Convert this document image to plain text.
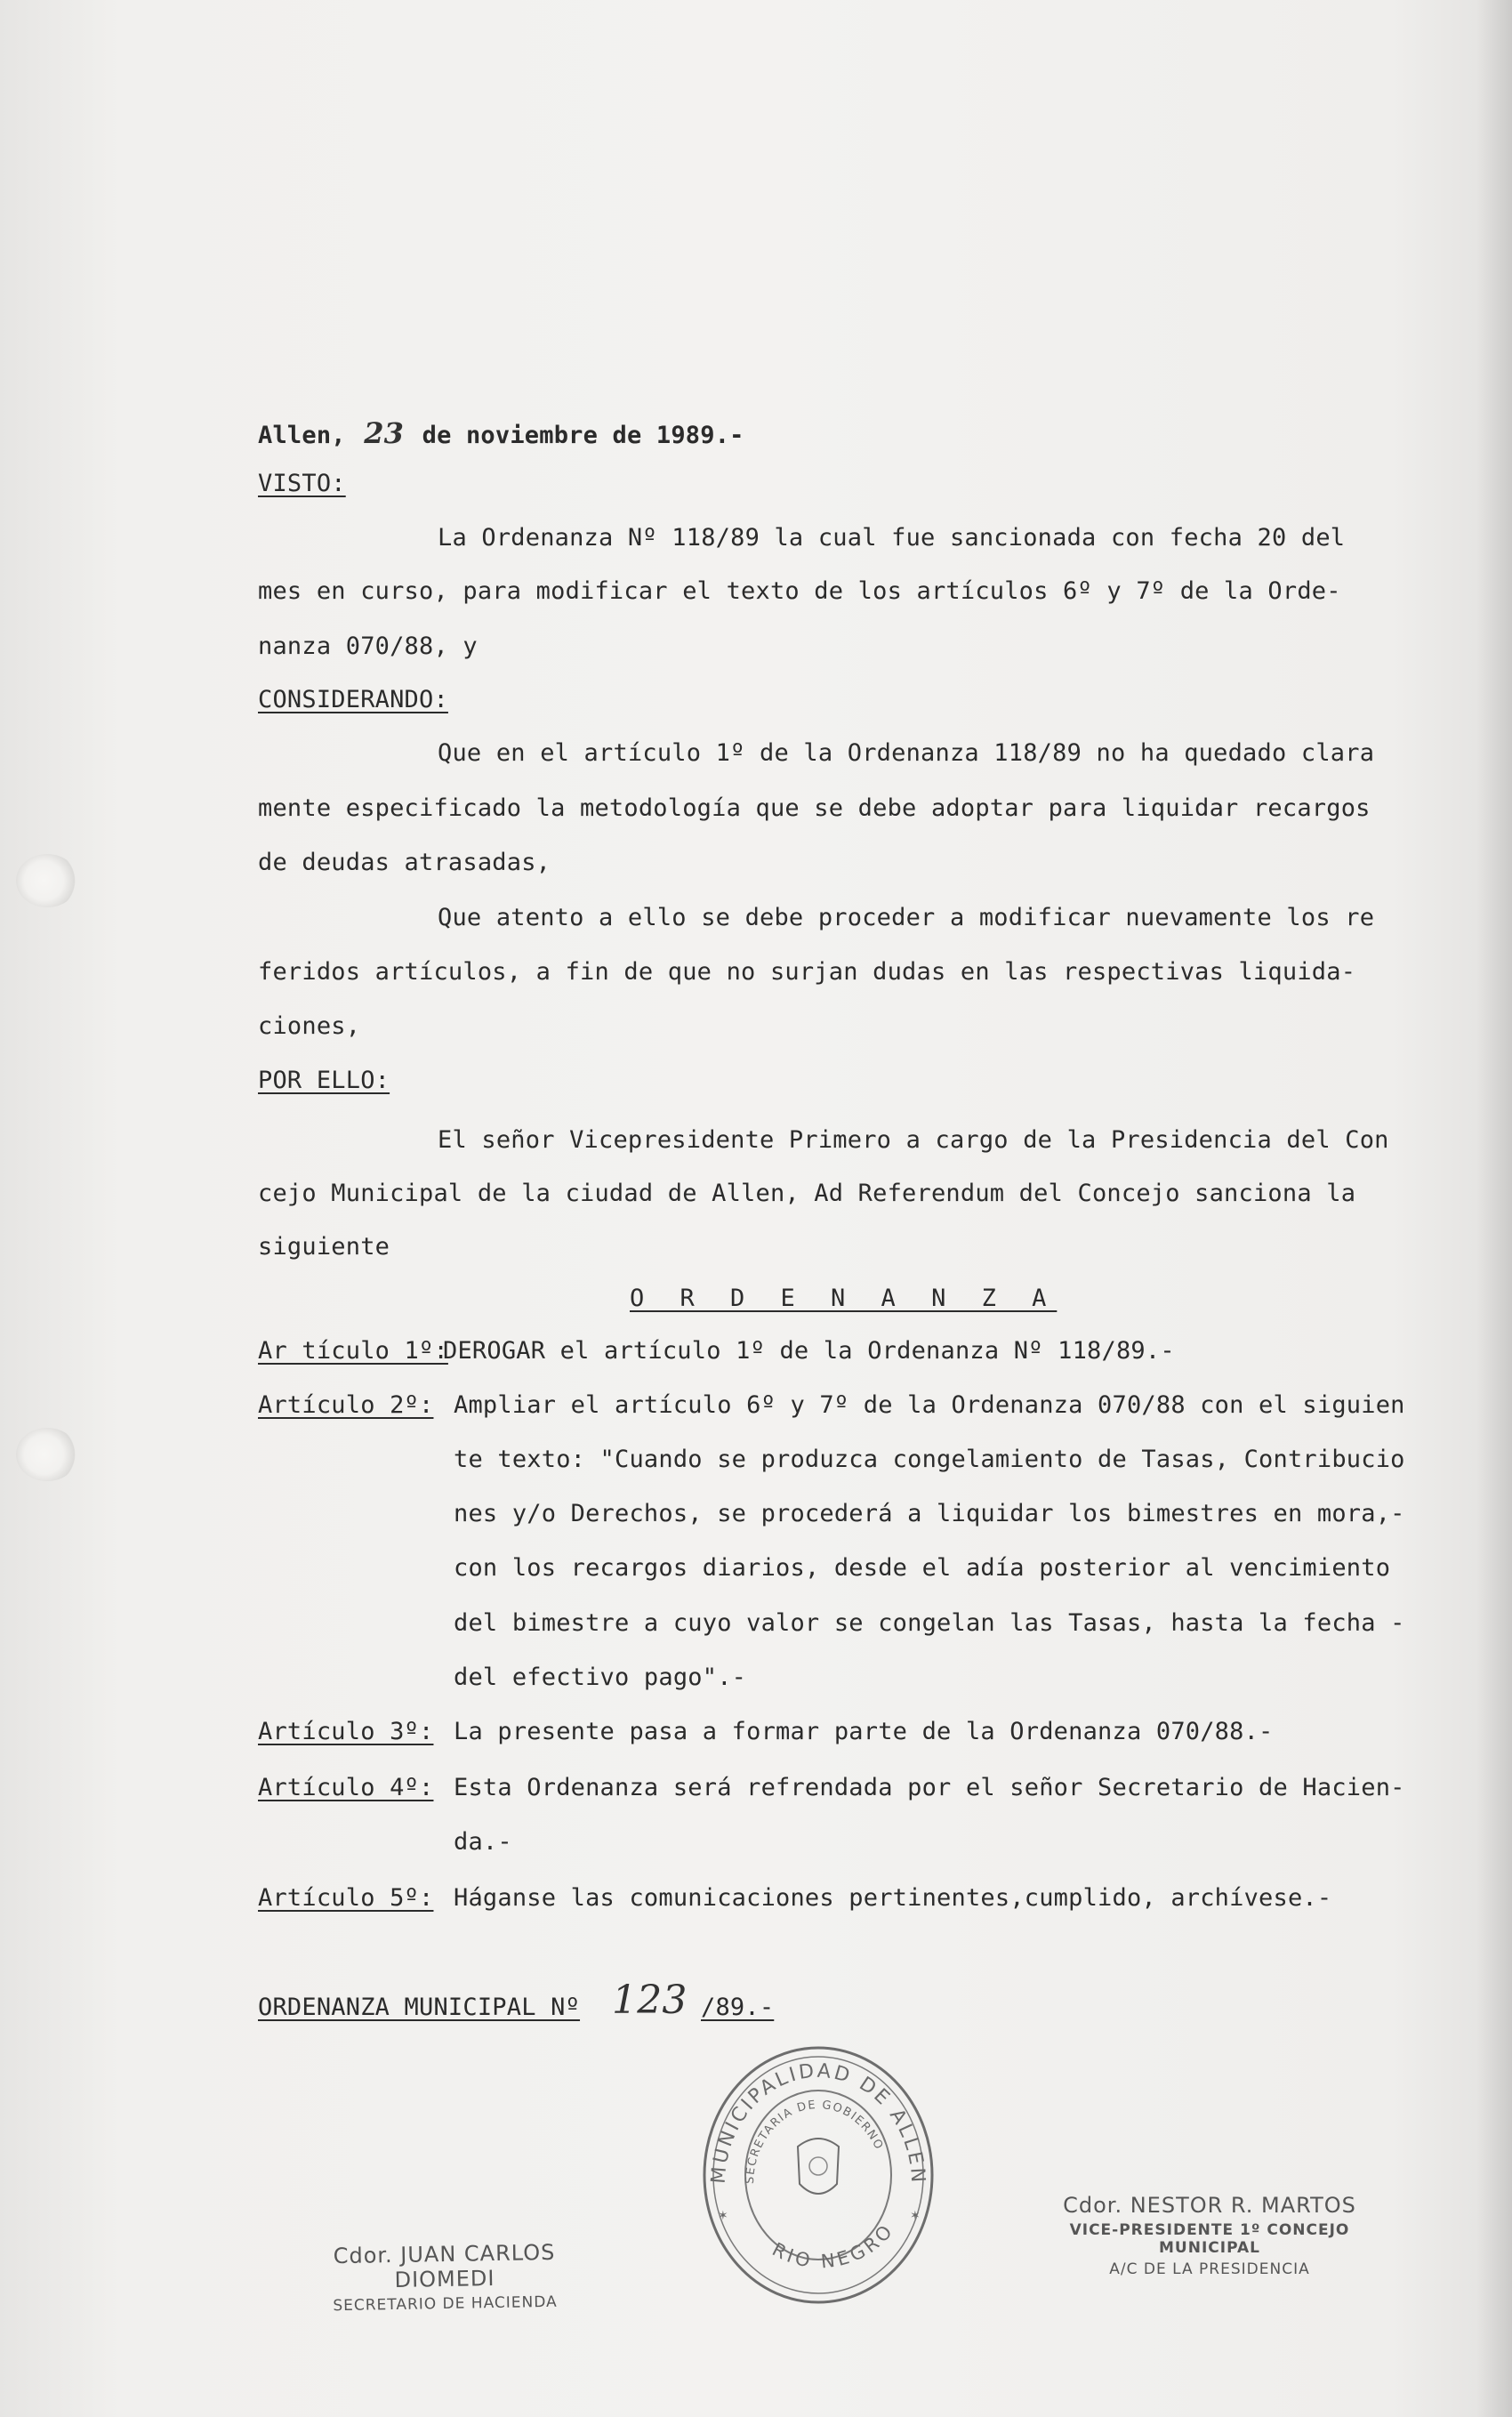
Allen, 23 de noviembre de 1989.-
VISTO:
La Ordenanza Nº 118/89 la cual fue sancionada con fecha 20 del
mes en curso, para modificar el texto de los artículos 6º y 7º de la Orde-
nanza 070/88, y
CONSIDERANDO:
Que en el artículo 1º de la Ordenanza 118/89 no ha quedado clara
mente especificado la metodología que se debe adoptar para liquidar recargos
de deudas atrasadas,
Que atento a ello se debe proceder a modificar nuevamente los re
feridos artículos, a fin de que no surjan dudas en las respectivas liquida-
ciones,
POR ELLO:
El señor Vicepresidente Primero a cargo de la Presidencia del Con
cejo Municipal de la ciudad de Allen, Ad Referendum del Concejo sanciona la
siguiente
O R D E N A N Z A
Ar tículo 1º:
DEROGAR el artículo 1º de la Ordenanza Nº 118/89.-
Artículo 2º: Ampliar el artículo 6º y 7º de la Ordenanza 070/88 con el siguien
te texto: "Cuando se produzca congelamiento de Tasas, Contribucio
nes y/o Derechos, se procederá a liquidar los bimestres en mora,-
con los recargos diarios, desde el adía posterior al vencimiento
del bimestre a cuyo valor se congelan las Tasas, hasta la fecha -
del efectivo pago".-
Artículo 3º: La presente pasa a formar parte de la Ordenanza 070/88.-
Artículo 4º: Esta Ordenanza será refrendada por el señor Secretario de Hacien-
da.-
Artículo 5º: Háganse las comunicaciones pertinentes,cumplido, archívese.-
ORDENANZA MUNICIPAL Nº 123 /89.-
MUNICIPALIDAD DE ALLEN
SECRETARIA DE GOBIERNO
RIO NEGRO
✶	✶
Cdor. JUAN CARLOS DIOMEDI
SECRETARIO DE HACIENDA
Cdor. NESTOR R. MARTOS
VICE-PRESIDENTE 1º CONCEJO MUNICIPAL
A/C DE LA PRESIDENCIA
